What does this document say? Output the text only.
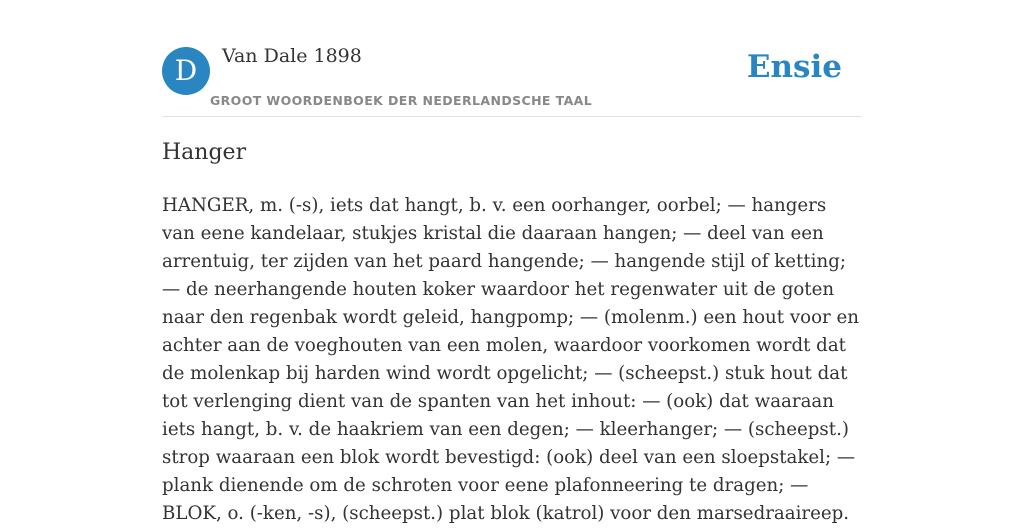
D	Van Dale 1898
GROOT WOORDENBOEK DER NEDERLANDSCHE TAAL
Ensie
Hanger

HANGER, m. (-s), iets dat hangt, b. v. een oorhanger, oorbel; — hangers van eene kandelaar, stukjes kristal die daaraan hangen; — deel van een arrentuig, ter zijden van het paard hangende; — hangende stijl of ketting; — de neerhangende houten koker waardoor het regenwater uit de goten naar den regenbak wordt geleid, hangpomp; — (molenm.) een hout voor en achter aan de voeghouten van een molen, waardoor voorkomen wordt dat de molenkap bij harden wind wordt opgelicht; — (scheepst.) stuk hout dat tot verlenging dient van de spanten van het inhout: — (ook) dat waaraan iets hangt, b. v. de haakriem van een degen; — kleerhanger; — (scheepst.) strop waaraan een blok wordt bevestigd: (ook) deel van een sloepstakel; — plank dienende om de schroten voor eene plafonneering te dragen; —BLOK, o. (-ken, -s), (scheepst.) plat blok (katrol) voor den marsedraaireep.
